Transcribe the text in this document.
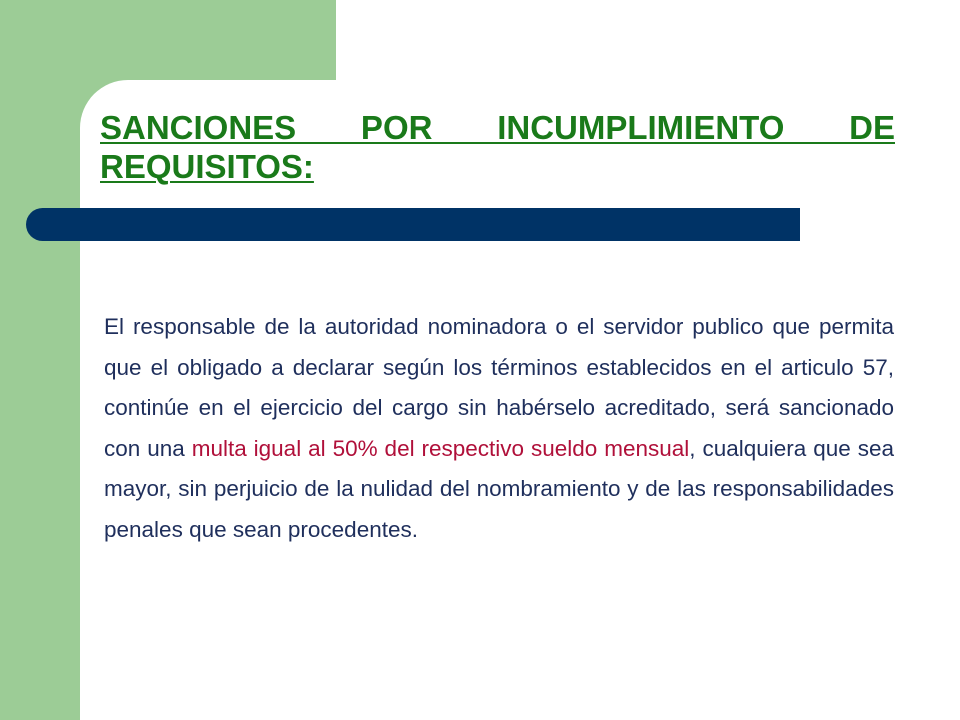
SANCIONES POR INCUMPLIMIENTO DE REQUISITOS:

El responsable de la autoridad nominadora o el servidor publico que permita que el obligado a declarar según los términos establecidos en el articulo 57, continúe en el ejercicio del cargo sin habérselo acreditado, será sancionado con una multa igual al 50% del respectivo sueldo mensual, cualquiera que sea mayor, sin perjuicio de la nulidad del nombramiento y de las responsabilidades penales que sean procedentes.
